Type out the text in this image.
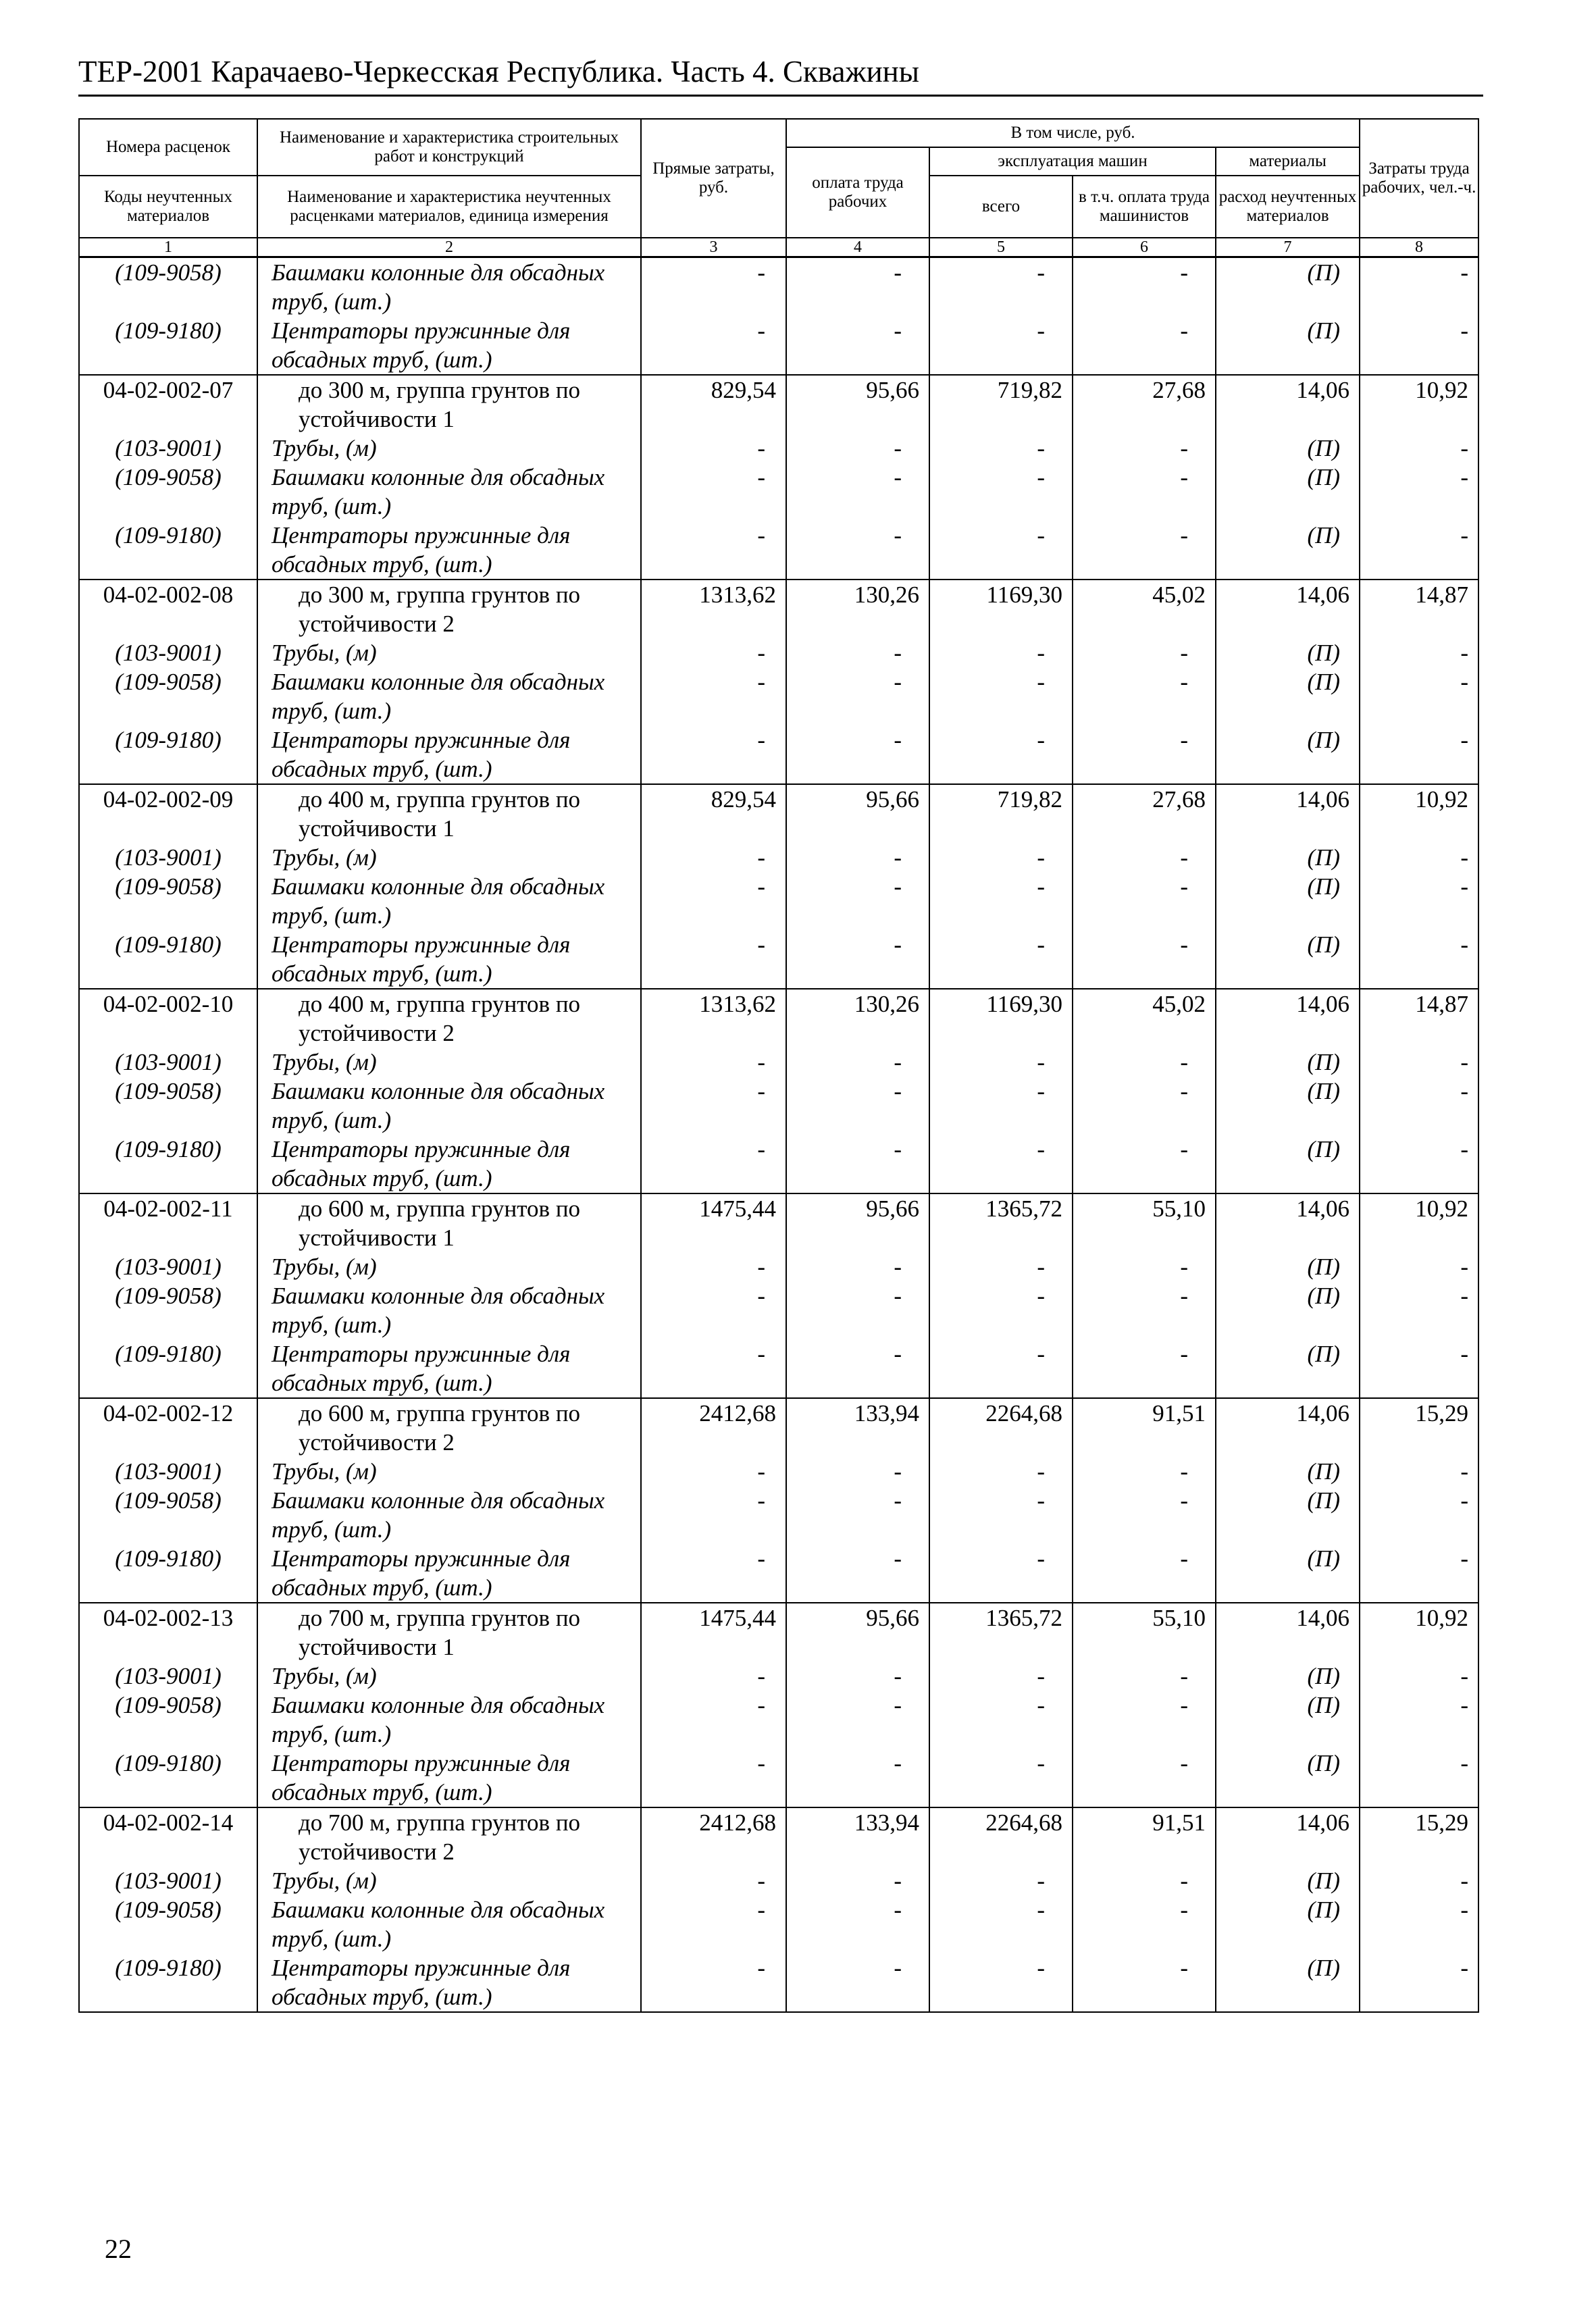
ТЕР-2001 Карачаево-Черкесская Республика. Часть 4. Скважины
Номера расценок	Наименование и характеристика строительных работ и конструкций	Прямые затраты, руб.	В том числе, руб.				Затраты труда рабочих, чел.-ч.
			оплата труда рабочих	эксплуатация машин		материалы	
Коды неучтенных материалов	Наименование и характеристика неучтенных расценками материалов, единица измерения			всего	в т.ч. оплата труда машинистов	расход неучтенных материалов	
1	2	3	4	5	6	7	8
(109-9058)	Башмаки колонные для обсадных труб, (шт.)	-	-	-	-	(П)	-
(109-9180)	Центраторы пружинные для обсадных труб, (шт.)	-	-	-	-	(П)	-
04-02-002-07	до 300 м, группа грунтов по устойчивости 1	829,54	95,66	719,82	27,68	14,06	10,92
(103-9001)	Трубы, (м)	-	-	-	-	(П)	-
(109-9058)	Башмаки колонные для обсадных труб, (шт.)	-	-	-	-	(П)	-
(109-9180)	Центраторы пружинные для обсадных труб, (шт.)	-	-	-	-	(П)	-
04-02-002-08	до 300 м, группа грунтов по устойчивости 2	1313,62	130,26	1169,30	45,02	14,06	14,87
(103-9001)	Трубы, (м)	-	-	-	-	(П)	-
(109-9058)	Башмаки колонные для обсадных труб, (шт.)	-	-	-	-	(П)	-
(109-9180)	Центраторы пружинные для обсадных труб, (шт.)	-	-	-	-	(П)	-
04-02-002-09	до 400 м, группа грунтов по устойчивости 1	829,54	95,66	719,82	27,68	14,06	10,92
(103-9001)	Трубы, (м)	-	-	-	-	(П)	-
(109-9058)	Башмаки колонные для обсадных труб, (шт.)	-	-	-	-	(П)	-
(109-9180)	Центраторы пружинные для обсадных труб, (шт.)	-	-	-	-	(П)	-
04-02-002-10	до 400 м, группа грунтов по устойчивости 2	1313,62	130,26	1169,30	45,02	14,06	14,87
(103-9001)	Трубы, (м)	-	-	-	-	(П)	-
(109-9058)	Башмаки колонные для обсадных труб, (шт.)	-	-	-	-	(П)	-
(109-9180)	Центраторы пружинные для обсадных труб, (шт.)	-	-	-	-	(П)	-
04-02-002-11	до 600 м, группа грунтов по устойчивости 1	1475,44	95,66	1365,72	55,10	14,06	10,92
(103-9001)	Трубы, (м)	-	-	-	-	(П)	-
(109-9058)	Башмаки колонные для обсадных труб, (шт.)	-	-	-	-	(П)	-
(109-9180)	Центраторы пружинные для обсадных труб, (шт.)	-	-	-	-	(П)	-
04-02-002-12	до 600 м, группа грунтов по устойчивости 2	2412,68	133,94	2264,68	91,51	14,06	15,29
(103-9001)	Трубы, (м)	-	-	-	-	(П)	-
(109-9058)	Башмаки колонные для обсадных труб, (шт.)	-	-	-	-	(П)	-
(109-9180)	Центраторы пружинные для обсадных труб, (шт.)	-	-	-	-	(П)	-
04-02-002-13	до 700 м, группа грунтов по устойчивости 1	1475,44	95,66	1365,72	55,10	14,06	10,92
(103-9001)	Трубы, (м)	-	-	-	-	(П)	-
(109-9058)	Башмаки колонные для обсадных труб, (шт.)	-	-	-	-	(П)	-
(109-9180)	Центраторы пружинные для обсадных труб, (шт.)	-	-	-	-	(П)	-
04-02-002-14	до 700 м, группа грунтов по устойчивости 2	2412,68	133,94	2264,68	91,51	14,06	15,29
(103-9001)	Трубы, (м)	-	-	-	-	(П)	-
(109-9058)	Башмаки колонные для обсадных труб, (шт.)	-	-	-	-	(П)	-
(109-9180)	Центраторы пружинные для обсадных труб, (шт.)	-	-	-	-	(П)	-
22
